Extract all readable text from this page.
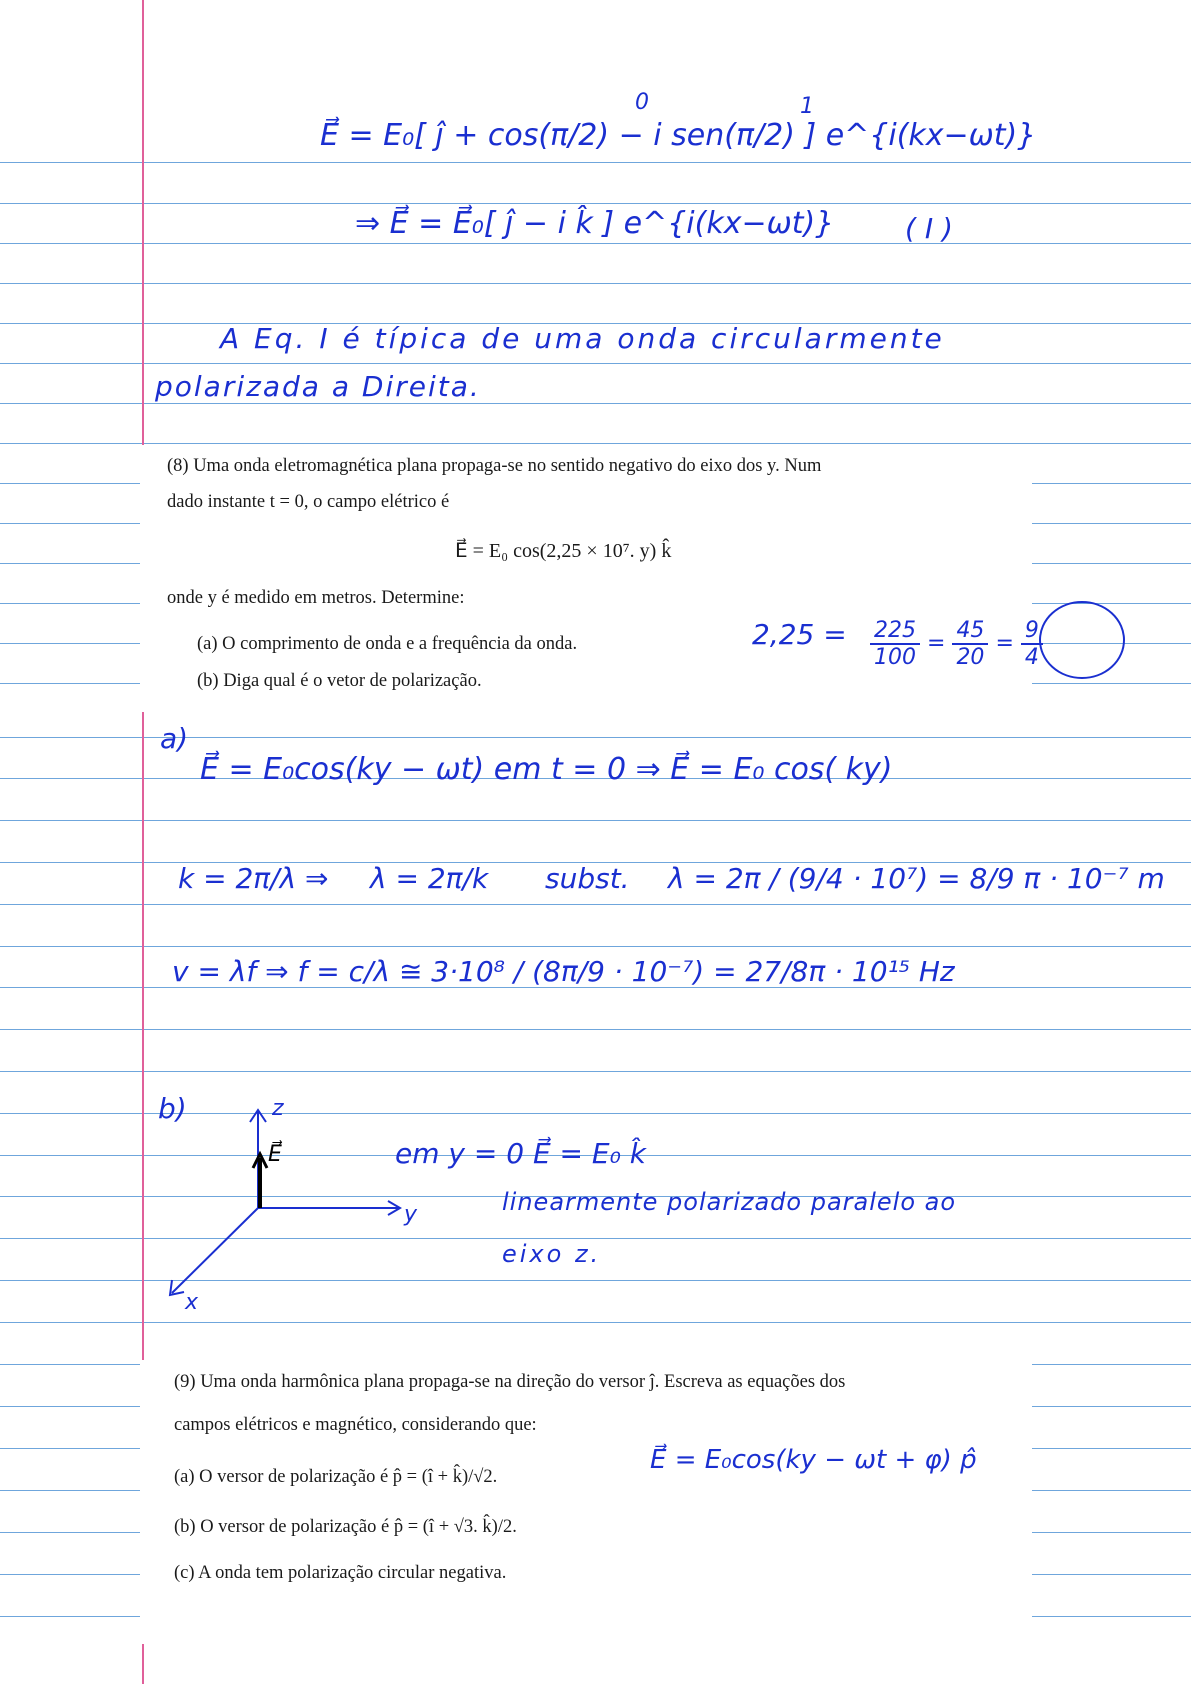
E⃗ = E₀[ ĵ + cos(π/2) − i sen(π/2) ] e^{i(kx−ωt)}
0	1
⇒ E⃗ = E⃗₀[ ĵ − i k̂ ] e^{i(kx−ωt)}	( I )
A Eq. I é típica de uma onda circularmente
polarizada a Direita.
(8) Uma onda eletromagnética plana propaga-se no sentido negativo do eixo dos y. Num
dado instante t = 0, o campo elétrico é
E⃗ = E₀ cos(2,25 × 10⁷. y) k̂
onde y é medido em metros. Determine:
(a) O comprimento de onda e a frequência da onda.
(b) Diga qual é o vetor de polarização.
$2,25 = \frac{225}{100} = \frac{45}{20} = \frac{9}{4}$
a)
E⃗ = E₀cos(ky − ωt) em t = 0 ⇒ E⃗ = E₀ cos( ky)
k = 2π/λ ⇒ λ = 2π/k subst. λ = 2π / (9/4 · 10⁷) = 8/9 π · 10⁻⁷ m
v = λf ⇒ f = c/λ ≅ 3·10⁸ / (8π/9 · 10⁻⁷) = 27/8π · 10¹⁵ Hz
b)	z
y
x
E⃗	em y = 0 E⃗ = E₀ k̂
linearmente polarizado paralelo ao
eixo z.
(9) Uma onda harmônica plana propaga-se na direção do versor ĵ. Escreva as equações dos
campos elétricos e magnético, considerando que:
(a) O versor de polarização é p̂ = (î + k̂)/√2.
(b) O versor de polarização é p̂ = (î + √3. k̂)/2.
(c) A onda tem polarização circular negativa.
E⃗ = E₀cos(ky − ωt + φ) p̂
